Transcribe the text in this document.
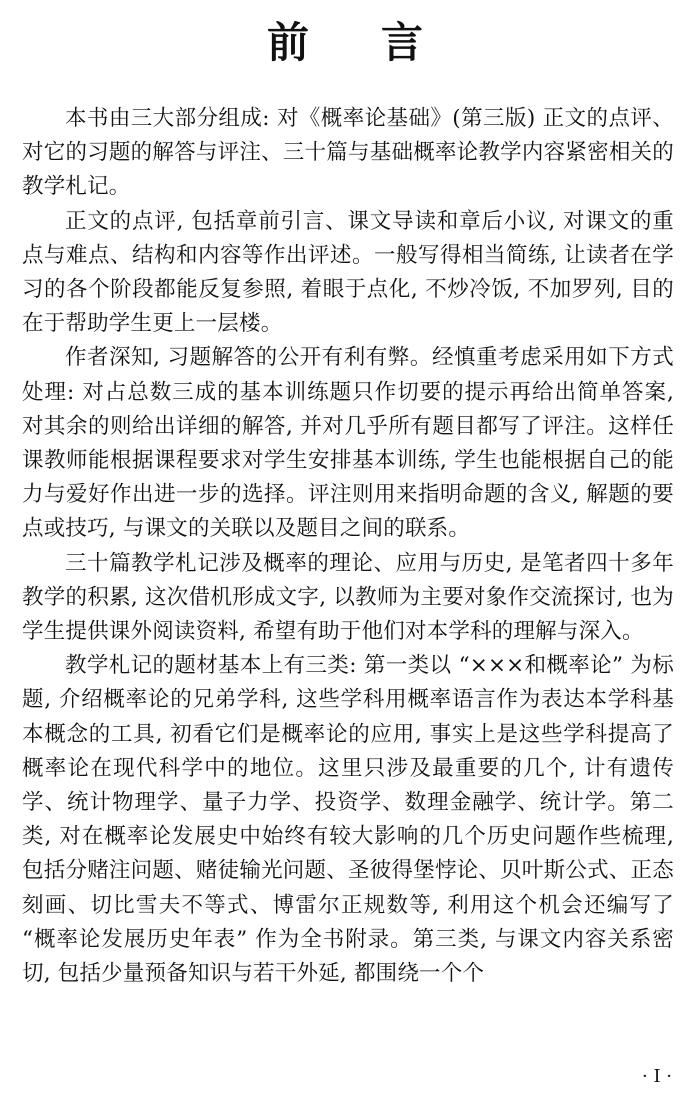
前 言

本书由三大部分组成: 对《概率论基础》(第三版) 正文的点评、对它的习题的解答与评注、三十篇与基础概率论教学内容紧密相关的教学札记。

正文的点评, 包括章前引言、课文导读和章后小议, 对课文的重点与难点、结构和内容等作出评述。一般写得相当简练, 让读者在学习的各个阶段都能反复参照, 着眼于点化, 不炒冷饭, 不加罗列, 目的在于帮助学生更上一层楼。

作者深知, 习题解答的公开有利有弊。经慎重考虑采用如下方式处理: 对占总数三成的基本训练题只作切要的提示再给出简单答案, 对其余的则给出详细的解答, 并对几乎所有题目都写了评注。这样任课教师能根据课程要求对学生安排基本训练, 学生也能根据自己的能力与爱好作出进一步的选择。评注则用来指明命题的含义, 解题的要点或技巧, 与课文的关联以及题目之间的联系。

三十篇教学札记涉及概率的理论、应用与历史, 是笔者四十多年教学的积累, 这次借机形成文字, 以教师为主要对象作交流探讨, 也为学生提供课外阅读资料, 希望有助于他们对本学科的理解与深入。

教学札记的题材基本上有三类: 第一类以 “×××和概率论” 为标题, 介绍概率论的兄弟学科, 这些学科用概率语言作为表达本学科基本概念的工具, 初看它们是概率论的应用, 事实上是这些学科提高了概率论在现代科学中的地位。这里只涉及最重要的几个, 计有遗传学、统计物理学、量子力学、投资学、数理金融学、统计学。第二类, 对在概率论发展史中始终有较大影响的几个历史问题作些梳理, 包括分赌注问题、赌徒输光问题、圣彼得堡悖论、贝叶斯公式、正态刻画、切比雪夫不等式、博雷尔正规数等, 利用这个机会还编写了 “概率论发展历史年表” 作为全书附录。第三类, 与课文内容关系密切, 包括少量预备知识与若干外延, 都围绕一个个

· I ·
